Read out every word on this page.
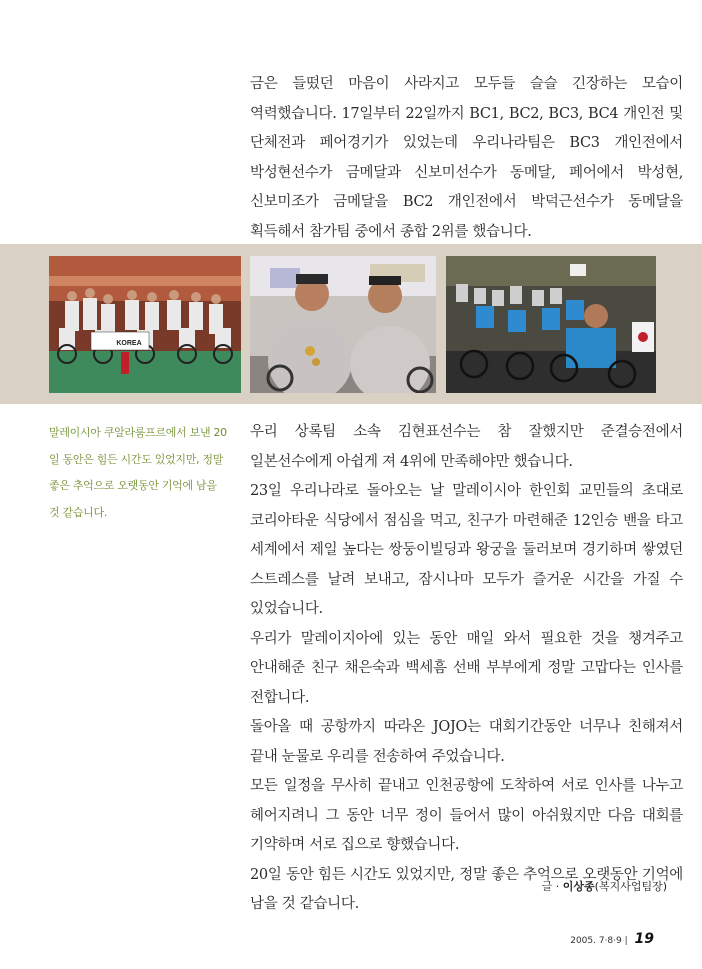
금은 들떴던 마음이 사라지고 모두들 슬슬 긴장하는 모습이 역력했습니다. 17일부터 22일까지 BC1, BC2, BC3, BC4 개인전 및 단체전과 페어경기가 있었는데 우리나라팀은 BC3 개인전에서 박성현선수가 금메달과 신보미선수가 동메달, 페어에서 박성현, 신보미조가 금메달을 BC2 개인전에서 박덕근선수가 동메달을 획득해서 참가팀 중에서 종합 2위를 했습니다.

KOREA

말레이시아 쿠알라룸프르에서 보낸 20일 동안은 힘든 시간도 있었지만, 정말 좋은 추억으로 오랫동안 기억에 남을 것 같습니다.

우리 상록팀 소속 김현표선수는 참 잘했지만 준결승전에서 일본선수에게 아쉽게 져 4위에 만족해야만 했습니다.

23일 우리나라로 돌아오는 날 말레이시아 한인회 교민들의 초대로 코리아타운 식당에서 점심을 먹고, 친구가 마련해준 12인승 밴을 타고 세계에서 제일 높다는 쌍둥이빌딩과 왕궁을 둘러보며 경기하며 쌓였던 스트레스를 날려 보내고, 잠시나마 모두가 즐거운 시간을 가질 수 있었습니다.

우리가 말레이지아에 있는 동안 매일 와서 필요한 것을 챙겨주고 안내해준 친구 채은숙과 백세흠 선배 부부에게 정말 고맙다는 인사를 전합니다.

돌아올 때 공항까지 따라온 JOJO는 대회기간동안 너무나 친해져서 끝내 눈물로 우리를 전송하여 주었습니다.

모든 일정을 무사히 끝내고 인천공항에 도착하여 서로 인사를 나누고 헤어지려니 그 동안 너무 정이 들어서 많이 아쉬웠지만 다음 대회를 기약하며 서로 집으로 향했습니다.

20일 동안 힘든 시간도 있었지만, 정말 좋은 추억으로 오랫동안 기억에 남을 것 같습니다.

글 · 이상종(복지사업팀장)
2005. 7·8·9 | 19
